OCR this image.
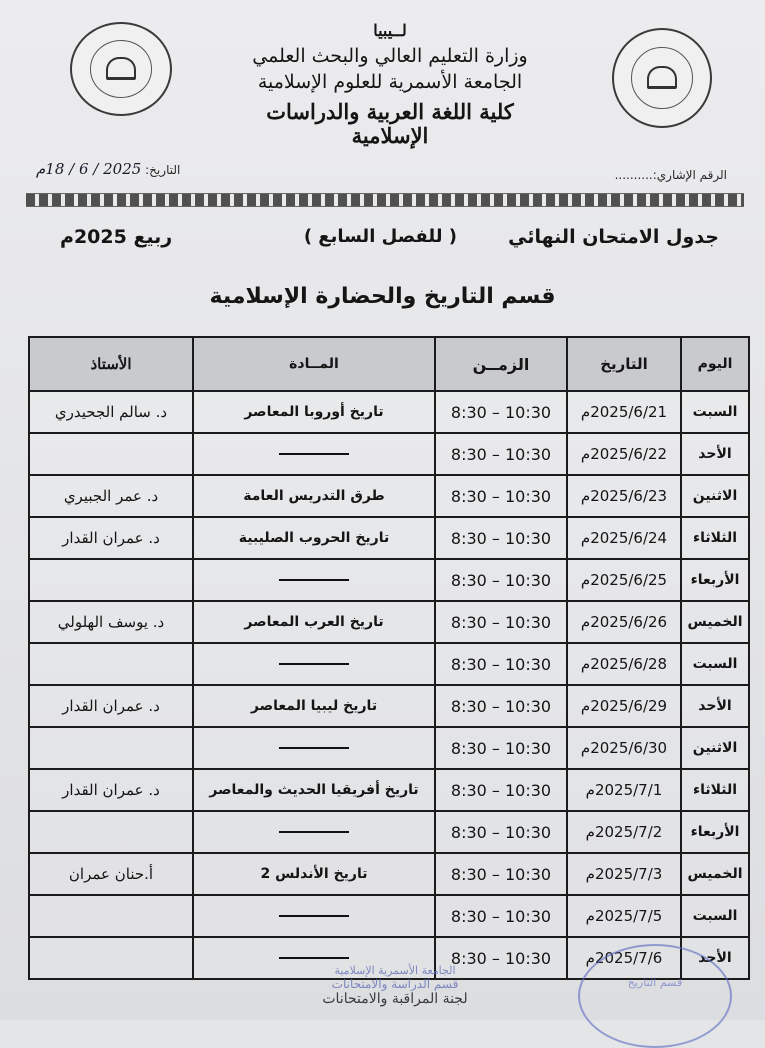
لــيبيا
وزارة التعليم العالي والبحث العلمي
الجامعة الأسمرية للعلوم الإسلامية
كلية اللغة العربية والدراسات الإسلامية
الرقم الإشاري:..........
التاريخ: 2025 / 6 / 18م
جدول الامتحان النهائي
( للفصل السابع )
ربيع 2025م
قسم التاريخ والحضارة الإسلامية
اليوم	التاريخ	الزمــن	المــادة	الأستاذ
السبت	2025/6/21م	8:30 – 10:30	تاريخ أوروبا المعاصر	د. سالم الجحيدري
الأحد	2025/6/22م	8:30 – 10:30		
الاثنين	2025/6/23م	8:30 – 10:30	طرق التدريس العامة	د. عمر الجبيري
الثلاثاء	2025/6/24م	8:30 – 10:30	تاريخ الحروب الصليبية	د. عمران القدار
الأربعاء	2025/6/25م	8:30 – 10:30		
الخميس	2025/6/26م	8:30 – 10:30	تاريخ العرب المعاصر	د. يوسف الهلولي
السبت	2025/6/28م	8:30 – 10:30		
الأحد	2025/6/29م	8:30 – 10:30	تاريخ ليبيا المعاصر	د. عمران القدار
الاثنين	2025/6/30م	8:30 – 10:30		
الثلاثاء	2025/7/1م	8:30 – 10:30	تاريخ أفريقيا الحديث والمعاصر	د. عمران القدار
الأربعاء	2025/7/2م	8:30 – 10:30		
الخميس	2025/7/3م	8:30 – 10:30	تاريخ الأندلس 2	أ.حنان عمران
السبت	2025/7/5م	8:30 – 10:30		
الأحد	2025/7/6م	8:30 – 10:30		
الجامعة الأسمرية الإسلامية
قسم الدراسة والامتحانات
لجنة المراقبة والامتحانات
قسم التاريخ
